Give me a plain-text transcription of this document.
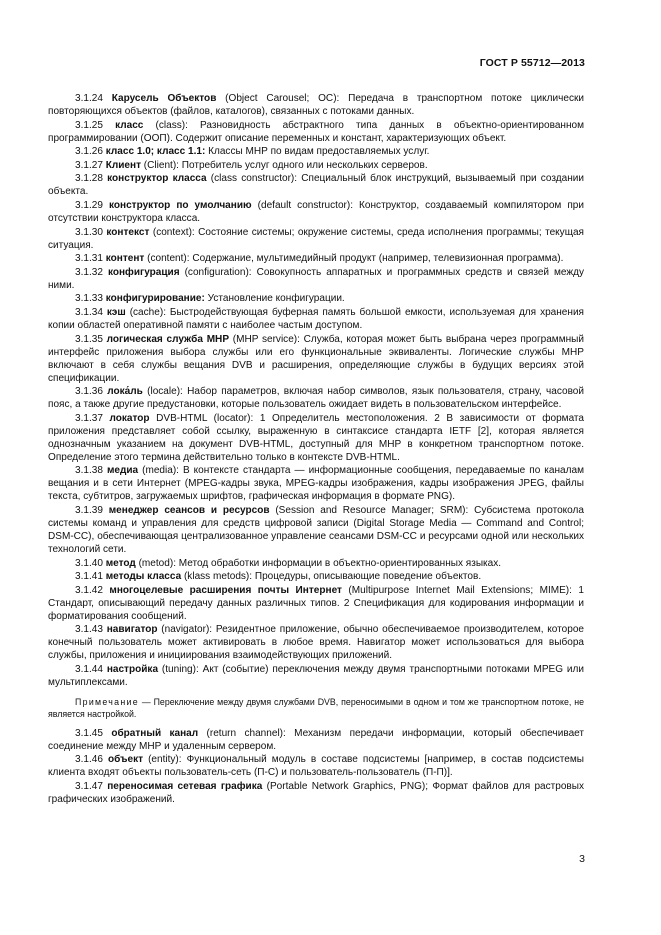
ГОСТ Р 55712—2013

3.1.24 Карусель Объектов (Object Carousel; OC): Передача в транспортном потоке циклически повторяющихся объектов (файлов, каталогов), связанных с потоками данных.

3.1.25 класс (class): Разновидность абстрактного типа данных в объектно-ориентированном программировании (ООП). Содержит описание переменных и констант, характеризующих объект.

3.1.26 класс 1.0; класс 1.1: Классы МНР по видам предоставляемых услуг.

3.1.27 Клиент (Client): Потребитель услуг одного или нескольких серверов.

3.1.28 конструктор класса (class constructor): Специальный блок инструкций, вызываемый при создании объекта.

3.1.29 конструктор по умолчанию (default constructor): Конструктор, создаваемый компилятором при отсутствии конструктора класса.

3.1.30 контекст (context): Состояние системы; окружение системы, среда исполнения программы; текущая ситуация.

3.1.31 контент (content): Содержание, мультимедийный продукт (например, телевизионная программа).

3.1.32 конфигурация (configuration): Совокупность аппаратных и программных средств и связей между ними.

3.1.33 конфигурирование: Установление конфигурации.

3.1.34 кэш (cache): Быстродействующая буферная память большой емкости, используемая для хранения копии областей оперативной памяти с наиболее частым доступом.

3.1.35 логическая служба МНР (MHP service): Служба, которая может быть выбрана через программный интерфейс приложения выбора службы или его функциональные эквиваленты. Логические службы МНР включают в себя службы вещания DVB и расширения, определяющие службы в будущих версиях этой спецификации.

3.1.36 лока́ль (locale): Набор параметров, включая набор символов, язык пользователя, страну, часовой пояс, а также другие предустановки, которые пользователь ожидает видеть в пользовательском интерфейсе.

3.1.37 локатор DVB-HTML (locator): 1 Определитель местоположения. 2 В зависимости от формата приложения представляет собой ссылку, выраженную в синтаксисе стандарта IETF [2], которая является однозначным указанием на документ DVB-HTML, доступный для МНР в конкретном транспортном потоке. Определение этого термина действительно только в контексте DVB-HTML.

3.1.38 медиа (media): В контексте стандарта — информационные сообщения, передаваемые по каналам вещания и в сети Интернет (MPEG-кадры звука, MPEG-кадры изображения, кадры изображения JPEG, файлы текста, субтитров, загружаемых шрифтов, графическая информация в формате PNG).

3.1.39 менеджер сеансов и ресурсов (Session and Resource Manager; SRM): Субсистема протокола системы команд и управления для средств цифровой записи (Digital Storage Media — Command and Control; DSM-CC), обеспечивающая централизованное управление сеансами DSM-CC и ресурсами одной или нескольких технологий сети.

3.1.40 метод (metod): Метод обработки информации в объектно-ориентированных языках.

3.1.41 методы класса (klass metods): Процедуры, описывающие поведение объектов.

3.1.42 многоцелевые расширения почты Интернет (Multipurpose Internet Mail Extensions; MIME): 1 Стандарт, описывающий передачу данных различных типов. 2 Спецификация для кодирования информации и форматирования сообщений.

3.1.43 навигатор (navigator): Резидентное приложение, обычно обеспечиваемое производителем, которое конечный пользователь может активировать в любое время. Навигатор может использоваться для выбора службы, приложения и инициирования взаимодействующих приложений.

3.1.44 настройка (tuning): Акт (событие) переключения между двумя транспортными потоками MPEG или мультиплексами.

Примечание — Переключение между двумя службами DVB, переносимыми в одном и том же транспортном потоке, не является настройкой.

3.1.45 обратный канал (return channel): Механизм передачи информации, который обеспечивает соединение между МНР и удаленным сервером.

3.1.46 объект (entity): Функциональный модуль в составе подсистемы [например, в состав подсистемы клиента входят объекты пользователь-сеть (П-С) и пользователь-пользователь (П-П)].

3.1.47 переносимая сетевая графика (Portable Network Graphics, PNG); Формат файлов для растровых графических изображений.

3
